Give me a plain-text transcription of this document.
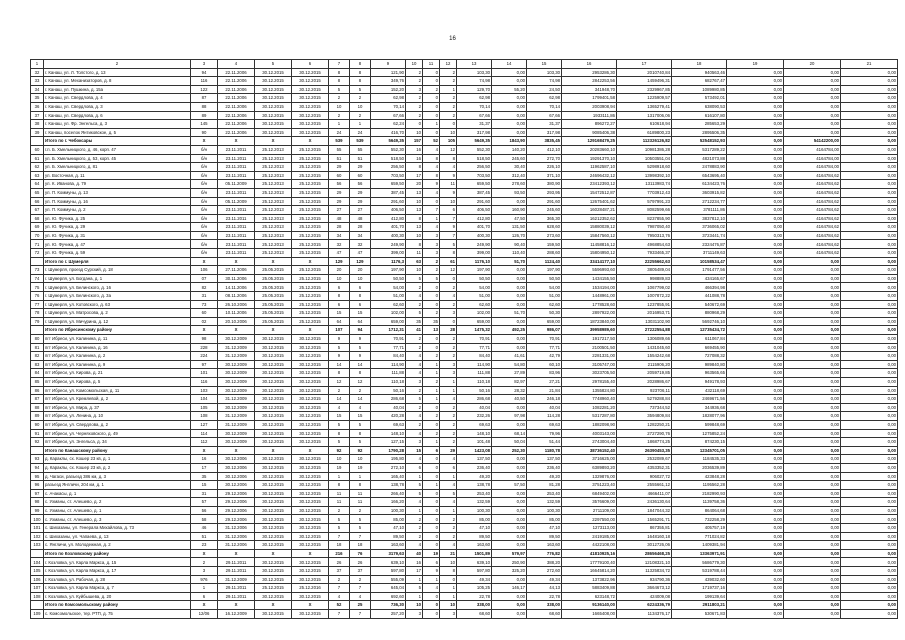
16
1	2	3	4	5	6	7	8	9	10	11	12	13	14	15	16	17	18	19	20	21
32	г. Канаш, ул. Л. Толстого, д. 13	94	22.11.2006	30.12.2015	30.12.2015	8	8	121,90	2	0	2	103,30	0,00	103,30	2953286,30	2010740,84	940563,46	0,00	0,00	0,00
33	г. Канаш, ул. Механизаторов, д. 8	116	22.11.2006	30.12.2015	30.12.2015	8	8	349,76	2	0	2	74,98	0,00	74,98	2842253,56	1459496,31	682767,47	0,00	0,00	0,00
34	г. Канаш, ул. Пушкина, д. 15а	122	22.11.2006	30.12.2015	30.12.2015	5	5	152,20	3	2	1	129,70	55,20	24,50	341948,70	2329967,85	1089980,85	0,00	0,00	0,00
35	г. Канаш, ул. Свердлова, д. 4	87	22.11.2006	30.12.2015	30.12.2015	2	2	62,98	2	0	2	62,98	0,00	62,98	1799401,58	1225909,57	573492,01	0,00	0,00	0,00
36	г. Канаш, ул. Свердлова, д. 3	88	22.11.2006	30.12.2015	30.12.2015	10	10	70,14	2	0	2	70,14	0,00	70,14	2003908,94	1365279,41	638090,53	0,00	0,00	0,00
37	г. Канаш, ул. Свердлова, д. 6	89	22.11.2006	30.12.2015	30.12.2015	2	2	67,66	2	0	2	67,66	0,00	67,66	1933111,86	1317006,06	616107,80	0,00	0,00	0,00
38	г. Канаш, ул. Фр. Энгельса, д. 3	145	22.11.2006	30.12.2015	30.12.2015	1	1	62,24	0	1	0	31,37	0,00	31,37	896272,27	610618,94	285653,29	0,00	0,00	0,00
39	г. Канаш, поселок Янтиковское, д. 5	90	22.11.2006	30.12.2015	30.12.2015	24	24	416,70	10	0	10	317,98	0,00	317,98	9085406,38	6189800,23	2895506,35	0,00	0,00	0,00
	Итого по г. Чебоксары	X	X	X	X	539	539	5649,35	157	52	105	5649,35	1843,90	3835,45	129168479,25	112326126,82	52548152,93	0,00	54142200,00	0,00
60	г.п. Б. Хмельницкого, д. 46, корп. 47	б/н	23.11.2011	25.12.2013	25.12.2015	55	55	552,30	16	4	12	552,30	140,20	412,10	20283660,10	10981386,28	5317289,22	0,00	4164784,00	0,00
61	ул. Б. Хмельницкого, д. 53, корп. 45	б/н	23.11.2011	25.12.2013	25.12.2015	51	51	518,50	16	8	8	518,50	245,60	272,70	19291370,10	10503551,04	4821073,88	0,00	4164784,00	0,00
62	ул. Б. Хмельницкого, д. 81	б/н	23.11.2011	25.12.2013	25.12.2015	29	29	256,50	8	4	4	256,50	30,40	226,10	11962587,10	5298918,60	2478883,90	0,00	4164784,00	0,00
63	ул. Восточная, д. 11	б/н	23.11.2011	25.12.2013	25.12.2015	60	60	703,50	17	8	9	703,50	312,40	371,10	24696432,12	13998392,10	6543695,40	0,00	4164784,62	0,00
64	ул. К. Иванова, д. 79	б/н	05.11.2009	25.12.2013	25.12.2015	56	56	659,50	20	9	11	659,50	278,60	380,90	23412393,12	13113983,74	6134423,76	0,00	4164784,62	0,00
65	ул. П. Коммуны, д. 13	б/н	23.11.2011	25.12.2013	25.12.2015	29	29	387,45	13	4	9	387,45	93,50	293,95	15472512,87	7703912,43	3603915,82	0,00	4164784,62	0,00
66	ул. П. Коммуны, д. 16	б/н	05.11.2009	25.12.2013	25.12.2015	29	29	291,60	10	0	10	291,60	0,00	291,60	12675401,62	5797991,23	2712234,77	0,00	4164784,62	0,00
67	ул. П. Коммуны, д. 2	б/н	23.11.2011	25.12.2013	25.12.2015	27	27	406,50	13	7	6	406,50	160,90	245,60	16028487,21	8082599,66	3781111,86	0,00	4164784,62	0,00
68	ул. Ю. Фучика, д. 25	б/н	23.11.2011	25.12.2013	25.12.2015	48	48	412,80	8	1	7	412,80	47,50	365,30	16212352,62	8237855,90	3837812,10	0,00	4164784,62	0,00
69	ул. Ю. Фучика, д. 29	б/н	23.11.2011	25.12.2013	25.12.2015	28	28	401,70	13	4	9	401,70	131,50	628,60	15880039,12	7987050,40	3736065,02	0,00	4164784,62	0,00
70	ул. Ю. Фучика, д. 31	б/н	23.11.2011	25.12.2013	25.12.2015	34	34	400,30	10	3	7	400,30	126,70	273,60	15847560,12	7950313,76	3723441,74	0,00	4164784,62	0,00
71	ул. Ю. Фучика, д. 47	б/н	23.11.2011	25.12.2013	25.12.2015	32	32	249,90	8	3	5	249,90	90,40	159,50	11458816,12	4968854,63	2324476,87	0,00	4164784,62	0,00
72	ул. Ю. Фучика, д. 59	б/н	23.11.2011	25.12.2013	25.12.2015	47	47	399,00	11	3	8	399,00	110,40	288,60	15804950,12	7933465,37	3711149,63	0,00	4164784,62	0,00
	Итого по г. Шумерля	X	X	X	X	129	129	1176,3	63	2	61	1176,10	51,70	1124,40	33414177,10	22255662,63	10158534,47	0,00	0,00	0,00
73	г. Шумерля, проезд Сурский, д. 18	106	27.11.2006	25.05.2015	25.12.2015	20	20	197,90	10	2	12	197,90	0,00	197,90	5596993,60	3805489,04	1791477,56	0,00	0,00	0,00
74	г. Шумерля, ул. Богдана, д. 1	07	30.11.2006	25.05.2015	25.12.2015	10	10	50,50	5	5	0	50,50	0,00	50,50	1434155,50	998889,83	434165,67	0,00	0,00	0,00
75	г. Шумерля, ул. Белинского, д. 16	82	14.11.2006	25.05.2015	25.12.2015	6	6	54,00	2	0	2	54,00	0,00	54,00	1534194,00	1067799,02	466394,98	0,00	0,00	0,00
76	г. Шумерля, ул. Белинского, д. 3а	31	08.11.2006	25.05.2015	25.12.2015	8	8	51,00	4	0	4	51,00	0,00	51,00	1448961,00	1007872,22	441088,78	0,00	0,00	0,00
77	г. Шумерля, ул. Котовского, д. 63	73	26.10.2006	25.05.2015	25.12.2015	6	6	62,60	2	0	2	62,60	0,00	62,60	1778528,60	1237855,91	540672,69	0,00	0,00	0,00
78	г. Шумерля, ул. Матросова, д. 2	60	10.11.2006	25.05.2015	25.12.2015	15	15	102,00	5	2	3	102,00	51,70	50,30	2897922,00	2016953,71	880968,29	0,00	0,00	0,00
79	г. Шумерля, ул. Мичурина, д. 12	02	20.10.2006	25.05.2015	25.12.2015	64	64	659,00	35	35	0	659,00	0,00	659,00	18723840,00	13031102,90	5692746,10	0,00	0,00	0,00
	Итого по Ибресинскому району	X	X	X	X	107	94	1712,31	41	13	28	1475,32	492,25	986,07	39958989,60	27222554,88	12735434,72	0,00	0,00	0,00
80	пгт Ибреси, ул. Калинина, д. 11	98	30.12.2009	30.12.2015	30.12.2015	9	9	70,91	2	0	2	70,91	0,00	70,91	1917217,50	1306089,66	611067,84	0,00	0,00	0,00
81	пгт Ибреси, ул. Калинина, д. 16	228	31.12.2009	30.12.2015	30.12.2015	5	5	77,71	2	0	2	77,71	0,00	77,71	2100501,50	1431045,60	669455,90	0,00	0,00	0,00
82	пгт Ибреси, ул. Калинина, д. 2	224	31.12.2009	30.12.2015	30.12.2015	9	9	84,40	4	2	2	84,40	41,61	42,79	2281331,00	1554242,68	727088,32	0,00	0,00	0,00
83	пгт Ибреси, ул. Калинина, д. 9	97	30.12.2009	30.12.2015	30.12.2015	14	14	114,90	4	1	3	114,90	54,80	60,10	3105747,00	2115906,20	989840,80	0,00	0,00	0,00
84	пгт Ибреси, ул. Кирова, д. 21	101	30.12.2009	30.12.2015	30.12.2015	8	8	111,88	4	1	3	111,88	27,89	83,96	3023705,50	2059719,85	963565,65	0,00	0,00	0,00
85	пгт Ибреси, ул. Кирова, д. 5	116	30.12.2009	30.12.2015	30.12.2015	12	12	110,18	3	2	1	110,18	82,97	27,21	2978155,40	2028986,67	949178,93	0,00	0,00	0,00
86	пгт Ибреси, ул. Комсомольская, д. 11	103	30.12.2009	30.12.2015	30.12.2015	2	2	50,16	2	1	1	50,16	28,32	21,84	1355824,80	923706,11	432118,69	0,00	0,00	0,00
87	пгт Ибреси, ул. Кремлевой, д. 2	104	31.12.2009	30.12.2015	30.12.2015	14	14	286,68	5	1	4	286,68	40,50	246,18	7748960,40	5279288,84	2469671,56	0,00	0,00	0,00
88	пгт Ибреси, ул. Мира, д. 37	105	30.12.2009	30.12.2015	30.12.2015	4	4	40,04	2	0	2	40,04	0,00	40,04	1082281,20	737344,52	344936,68	0,00	0,00	0,00
89	пгт Ибреси, ул. Ленина, д. 10	108	31.12.2009	30.12.2015	30.12.2015	15	15	420,28	4	2	2	232,26	97,98	114,28	5317287,80	3594809,84	1828077,96	0,00	0,00	0,00
90	пгт Ибреси, ул. Свердлова, д. 2	127	31.12.2009	30.12.2015	30.12.2015	5	5	69,63	2	0	2	69,63	0,00	69,63	1882098,90	1282250,21	599848,69	0,00	0,00	0,00
91	пгт Ибреси, ул. Черняховского, д. 49	114	30.12.2009	30.12.2015	30.12.2015	8	8	148,10	4	2	2	148,10	68,14	79,96	4003143,00	2727290,76	1275852,24	0,00	0,00	0,00
92	пгт Ибреси, ул. Энгельса, д. 34	112	30.12.2009	30.12.2015	30.12.2015	5	5	127,15	3	1	2	101,48	50,04	51,44	2743004,40	1868774,25	874230,15	0,00	0,00	0,00
	Итого по Канашскому району	X	X	X	X	92	92	1790,28	15	6	29	1423,08	252,30	1180,78	38736152,40	26390453,35	12345701,05	0,00	0,00	0,00
93	д. Караклы, сх. Кошер 23 кв, д. 1	16	30.12.2006	30.12.2015	30.12.2015	10	10	195,80	4	0	4	137,50	0,00	137,50	3716625,00	2532089,67	1184535,33	0,00	0,00	0,00
94	д. Караклы, сх. Кошер 23 кв, д. 2	17	30.12.2006	30.12.2015	30.12.2015	19	19	272,10	6	0	6	236,40	0,00	236,40	6389893,20	4353352,31	2036539,89	0,00	0,00	0,00
95	д. Чагаси, разъезд 386 км, д. 3	35	30.12.2006	30.12.2015	30.12.2015	1	1	165,40	1	0	1	49,20	0,00	49,20	1329876,00	906027,72	423848,28	0,00	0,00	0,00
96	разъезд Янгличи, 204 км, д. 1	15	30.12.2006	30.12.2015	30.12.2015	8	8	138,78	5	1	4	138,78	57,50	81,28	3751223,40	2555661,12	1195562,28	0,00	0,00	0,00
97	с. Ачакасы, д. 1	31	29.12.2006	30.12.2015	30.12.2015	11	11	266,40	5	0	5	253,40	0,00	253,40	6849402,00	4666411,07	2182990,93	0,00	0,00	0,00
98	с. Ухманы, ст. Алешево, д. 2	57	29.12.2006	30.12.2015	30.12.2015	11	11	166,20	4	0	4	132,59	0,00	132,59	3576609,00	2436130,64	1139758,36	0,00	0,00	0,00
99	с. Ухманы, ст. Алешево, д. 1	56	29.12.2006	30.12.2015	30.12.2015	2	2	100,30	1	0	1	100,30	0,00	100,30	2711109,00	1847044,32	864064,68	0,00	0,00	0,00
100	с. Ухманы, ст. Алешево, д. 3	58	29.12.2006	30.12.2015	30.12.2015	5	5	85,00	2	0	2	85,00	0,00	85,00	2297550,00	1565291,71	732258,29	0,00	0,00	0,00
101	с. Шихазаны, ул. Генерала Михайлова, д. 73	46	31.12.2006	30.12.2015	30.12.2015	5	5	47,10	2	0	2	47,10	0,00	47,10	1273113,00	867355,81	405757,19	0,00	0,00	0,00
102	с. Шихазаны, ул. Чапаева, д. 13	51	31.12.2006	30.12.2015	30.12.2015	7	7	89,50	2	0	2	89,50	0,00	89,50	2419185,00	1648160,18	771024,82	0,00	0,00	0,00
103	с. Янгличи, ул. Молодежная, д. 2	23	31.12.2006	30.12.2015	30.12.2015	18	18	163,60	4	0	4	163,60	0,00	163,60	4422108,00	3012726,06	1409381,94	0,00	0,00	0,00
	Итого по Козловскому району	X	X	X	X	216	76	3179,63	40	19	21	1501,89	579,97	776,82	41810925,16	28656468,25	13363971,91	0,00	0,00	0,00
104	г. Козловка, ул. Карла Маркса, д. 15	2	29.11.2011	30.12.2015	30.12.2015	26	26	639,10	16	6	10	639,10	250,90	388,20	17779100,40	12108321,10	5686779,30	0,00	0,00	0,00
105	г. Козловка, ул. Карла Маркса, д. 17	3	29.11.2011	30.12.2015	30.12.2015	37	37	597,80	17	9	8	597,80	325,20	272,60	16645814,20	11325834,72	5319788,44	0,00	0,00	0,00
106	г. Козловка, ул. Рабочая, д. 28	976	31.12.2009	30.12.2015	30.12.2015	2	2	555,09	1	1	0	49,34	0,00	49,34	1373822,96	934790,36	439032,60	0,00	0,00	0,00
107	г. Козловка, ул. Карла Маркса, д. 7	1	29.11.2011	25.12.2015	25.12.2016	7	7	645,04	5	4	1	105,25	146,17	44,13	5883409,88	3664673,12	1719737,16	0,00	0,00	0,00
108	г. Козловка, ул. Куйбышева, д. 20	6	29.11.2011	30.12.2015	30.12.2015	4	4	692,60	1	0	1	22,78	0,00	22,78	623148,72	424009,08	199139,64	0,00	0,00	0,00
	Итого по Комсомольскому району	X	X	X	X	52	25	736,30	10	0	10	338,00	0,00	338,00	9136140,00	6224336,79	2911803,21	0,00	0,00	0,00
109	с. Комсомольское, тер. РТП, д. 75	12/06	16.12.2009	30.12.2015	30.12.2015	7	7	257,20	3	0	3	68,60	0,00	68,60	1665408,00	1134376,17	530671,83	0,00	0,00	0,00
